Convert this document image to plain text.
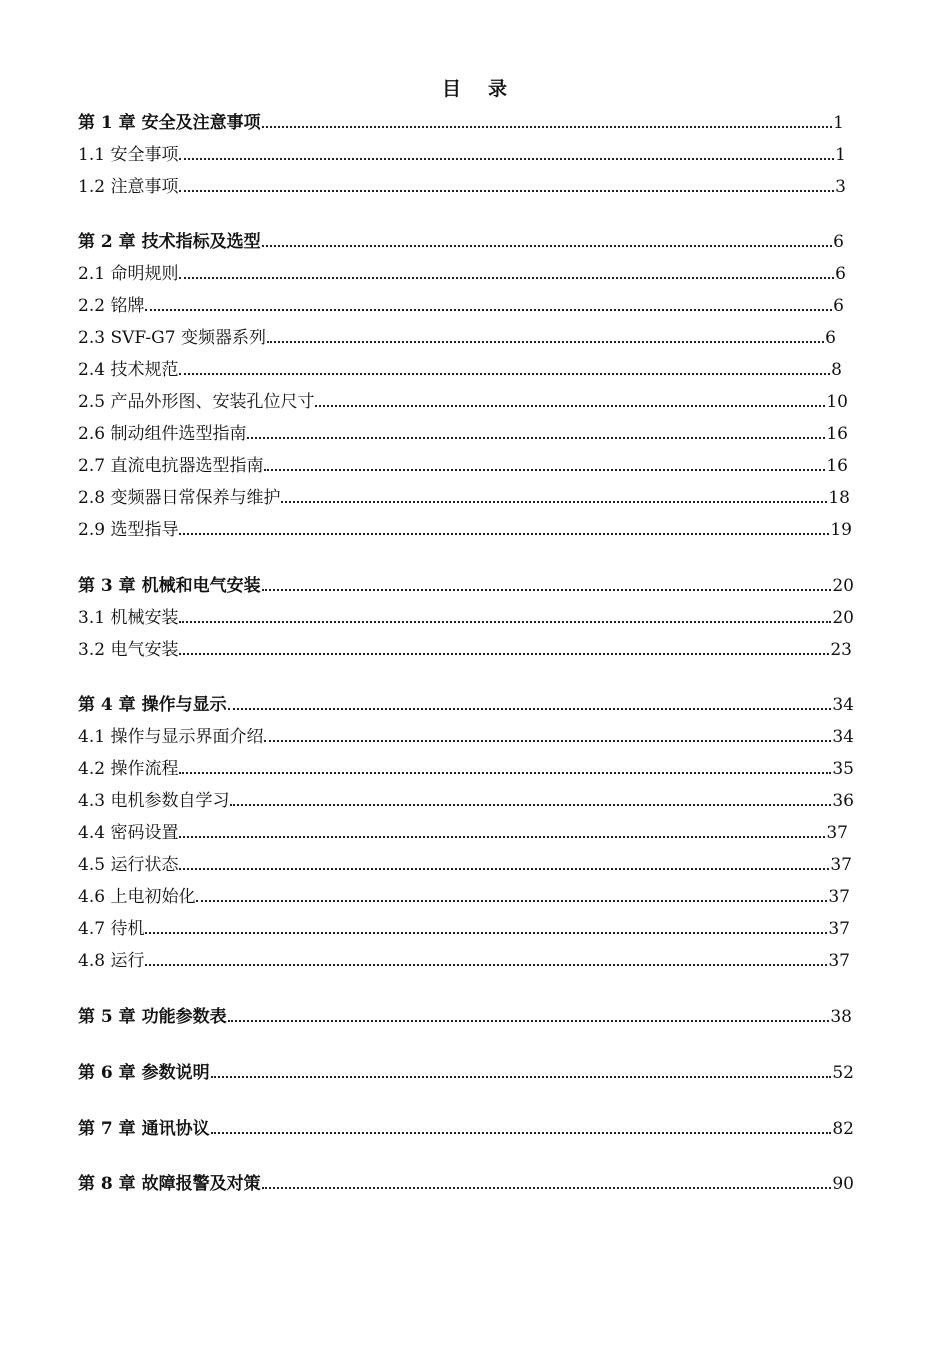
目 录
第 1 章 安全及注意事项	1
1.1 安全事项	1
1.2 注意事项	3
第 2 章 技术指标及选型	6
2.1 命明规则	6
2.2 铭牌	6
2.3 SVF-G7 变频器系列	6
2.4 技术规范	8
2.5 产品外形图、安装孔位尺寸	10
2.6 制动组件选型指南	16
2.7 直流电抗器选型指南	16
2.8 变频器日常保养与维护	18
2.9 选型指导	19
第 3 章 机械和电气安装	20
3.1 机械安装	20
3.2 电气安装	23
第 4 章 操作与显示	34
4.1 操作与显示界面介绍	34
4.2 操作流程	35
4.3 电机参数自学习	36
4.4 密码设置	37
4.5 运行状态	37
4.6 上电初始化	37
4.7 待机	37
4.8 运行	37
第 5 章 功能参数表	38
第 6 章 参数说明	52
第 7 章 通讯协议	82
第 8 章 故障报警及对策	90
